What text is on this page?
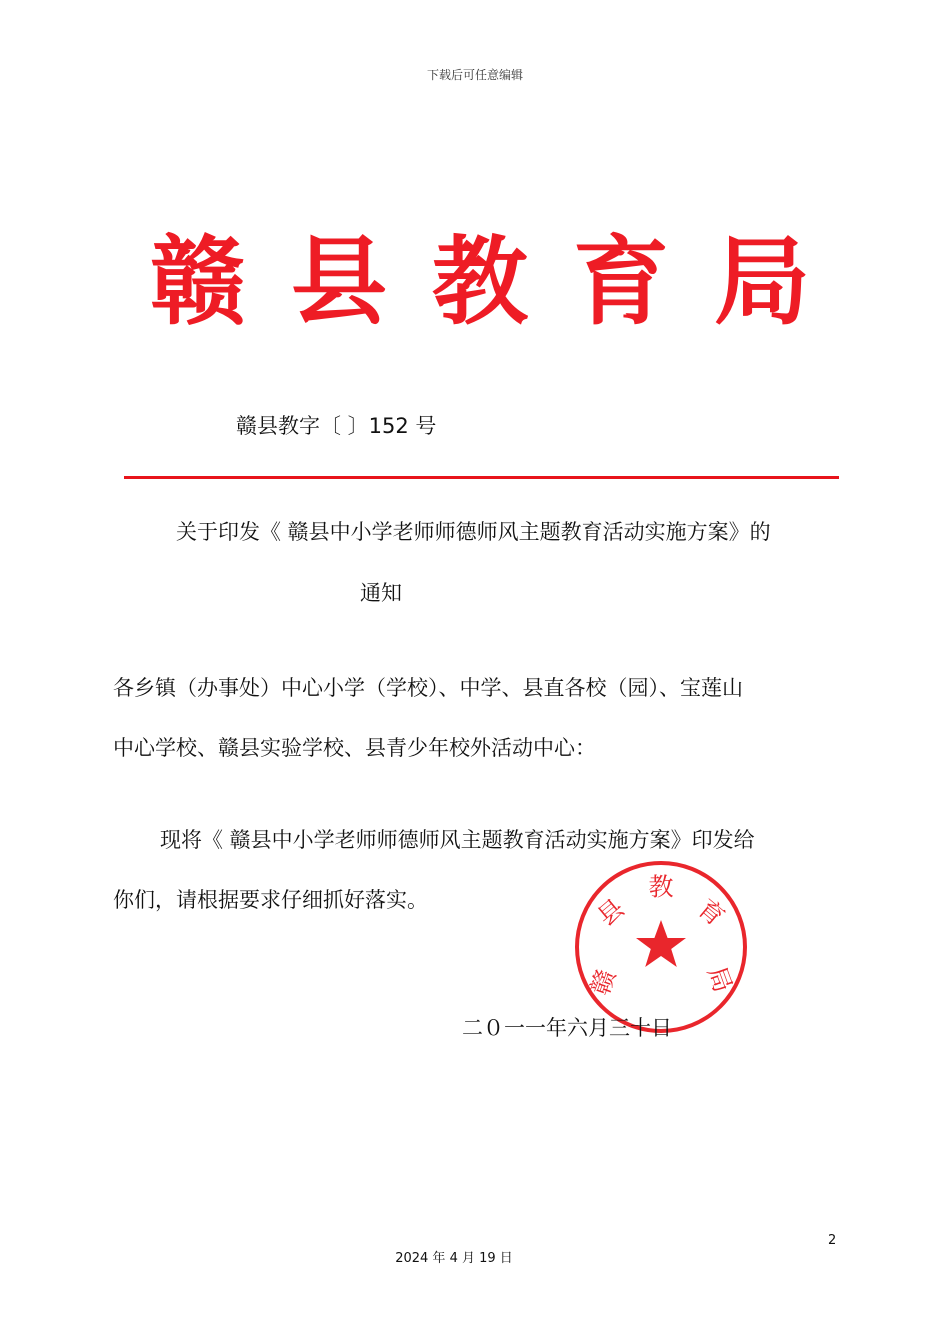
下载后可任意编辑
赣 县 教 育 局
赣县教字〔 〕152 号
关于印发《 赣县中小学老师师德师风主题教育活动实施方案》的
通知
各乡镇（办事处）中心小学（学校）、中学、县直各校（园）、宝莲山
中心学校、赣县实验学校、县青少年校外活动中心：
现将《 赣县中小学老师师德师风主题教育活动实施方案》印发给
你们，请根据要求仔细抓好落实。
赣
县
教
育
局
二０一一年六月三十日
2
2024 年 4 月 19 日
